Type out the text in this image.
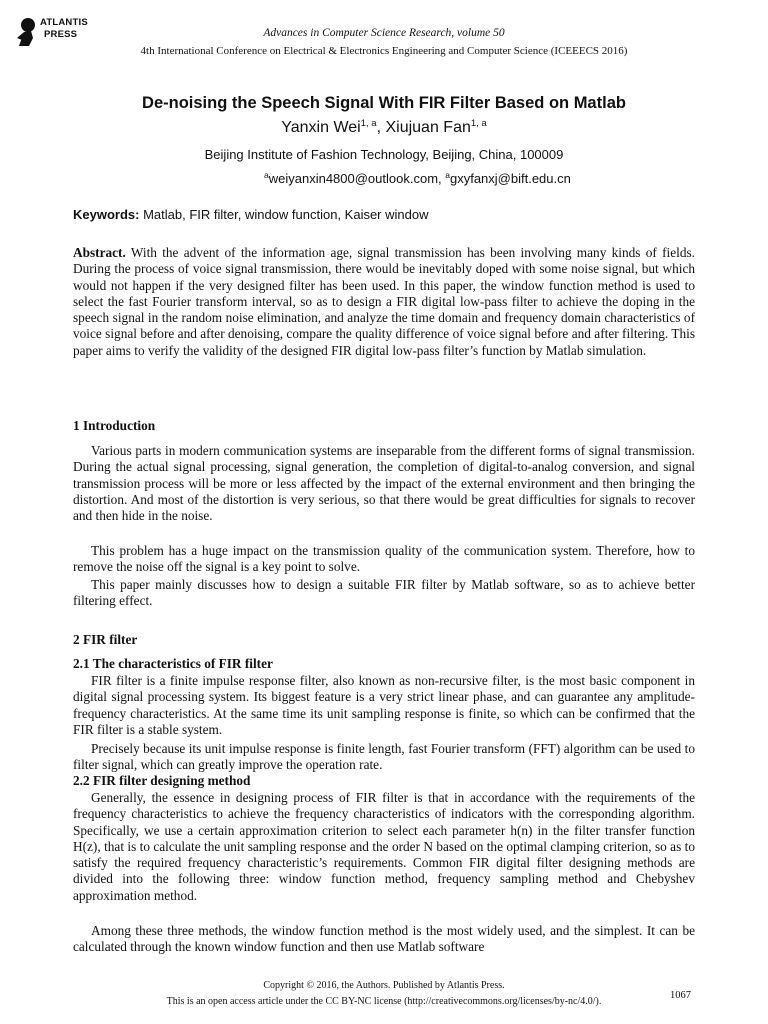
ATLANTIS
PRESS	Advances in Computer Science Research, volume 50
4th International Conference on Electrical & Electronics Engineering and Computer Science (ICEEECS 2016)
De-noising the Speech Signal With FIR Filter Based on Matlab
Yanxin Wei$^{1, a}$, Xiujuan Fan$^{1, a}$
Beijing Institute of Fashion Technology, Beijing, China, 100009
$^a$weiyanxin4800@outlook.com, $^a$gxyfanxj@bift.edu.cn
Keywords: Matlab, FIR filter, window function, Kaiser window

Abstract. With the advent of the information age, signal transmission has been involving many kinds of fields. During the process of voice signal transmission, there would be inevitably doped with some noise signal, but which would not happen if the very designed filter has been used. In this paper, the window function method is used to select the fast Fourier transform interval, so as to design a FIR digital low-pass filter to achieve the doping in the speech signal in the random noise elimination, and analyze the time domain and frequency domain characteristics of voice signal before and after denoising, compare the quality difference of voice signal before and after filtering. This paper aims to verify the validity of the designed FIR digital low-pass filter’s function by Matlab simulation.

1 Introduction

Various parts in modern communication systems are inseparable from the different forms of signal transmission. During the actual signal processing, signal generation, the completion of digital-to-analog conversion, and signal transmission process will be more or less affected by the impact of the external environment and then bringing the distortion. And most of the distortion is very serious, so that there would be great difficulties for signals to recover and then hide in the noise.

This problem has a huge impact on the transmission quality of the communication system. Therefore, how to remove the noise off the signal is a key point to solve.

This paper mainly discusses how to design a suitable FIR filter by Matlab software, so as to achieve better filtering effect.

2 FIR filter
2.1 The characteristics of FIR filter

FIR filter is a finite impulse response filter, also known as non-recursive filter, is the most basic component in digital signal processing system. Its biggest feature is a very strict linear phase, and can guarantee any amplitude-frequency characteristics. At the same time its unit sampling response is finite, so which can be confirmed that the FIR filter is a stable system.

Precisely because its unit impulse response is finite length, fast Fourier transform (FFT) algorithm can be used to filter signal, which can greatly improve the operation rate.

2.2 FIR filter designing method

Generally, the essence in designing process of FIR filter is that in accordance with the requirements of the frequency characteristics to achieve the frequency characteristics of indicators with the corresponding algorithm. Specifically, we use a certain approximation criterion to select each parameter h(n) in the filter transfer function H(z), that is to calculate the unit sampling response and the order N based on the optimal clamping criterion, so as to satisfy the required frequency characteristic’s requirements. Common FIR digital filter designing methods are divided into the following three: window function method, frequency sampling method and Chebyshev approximation method.

Among these three methods, the window function method is the most widely used, and the simplest. It can be calculated through the known window function and then use Matlab software

Copyright © 2016, the Authors. Published by Atlantis Press.
This is an open access article under the CC BY-NC license (http://creativecommons.org/licenses/by-nc/4.0/).
1067
